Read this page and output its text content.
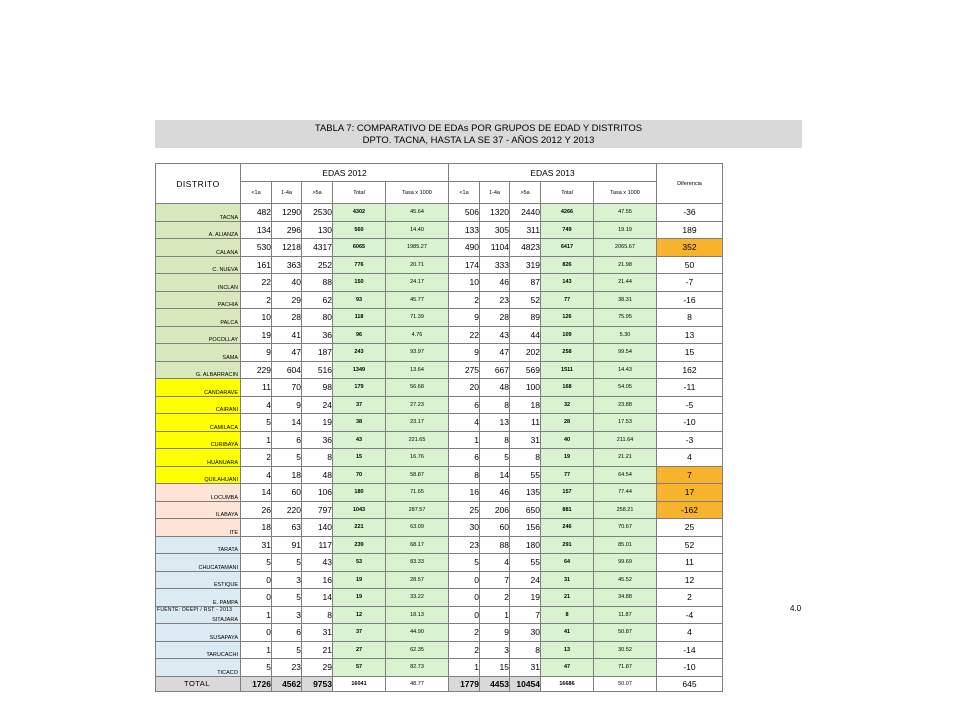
TABLA 7: COMPARATIVO DE EDAs POR GRUPOS DE EDAD Y DISTRITOS
DPTO. TACNA, HASTA LA SE 37 - AÑOS 2012 Y 2013
DISTRITO	EDAS 2012					EDAS 2013					Diferencia
	<1a	1-4a	>5a	Total	Tasa x 1000	<1a	1-4a	>5a	Total	Tasa x 1000	
TACNA	482	1290	2530	4302	45.64	506	1320	2440	4266	47.55	-36
A. ALIANZA	134	296	130	560	14.40	133	305	311	749	19.19	189
CALANA	530	1218	4317	6065	1985.27	490	1104	4823	6417	2065.67	352
C. NUEVA	161	363	252	776	20.71	174	333	319	826	21.98	50
INCLAN	22	40	88	150	24.17	10	46	87	143	21.44	-7
PACHIA	2	29	62	93	45.77	2	23	52	77	38.31	-16
PALCA	10	28	80	118	71.39	9	28	89	126	75.95	8
POCOLLAY	19	41	36	96	4.76	22	43	44	109	5.30	13
SAMA	9	47	187	243	93.97	9	47	202	258	99.54	15
G. ALBARRACIN	229	604	516	1349	13.64	275	667	569	1511	14.43	162
CANDARAVE	11	70	98	179	56.68	20	48	100	168	54.05	-11
CAIRANI	4	9	24	37	27.23	6	8	18	32	23.88	-5
CAMILACA	5	14	19	38	23.17	4	13	11	28	17.53	-10
CURIBAYA	1	6	36	43	221.65	1	8	31	40	211.64	-3
HUANUARA	2	5	8	15	16.76	6	5	8	19	21.21	4
QUILAHUANI	4	18	48	70	58.87	8	14	55	77	64.54	7
LOCUMBA	14	60	106	180	71.65	16	46	135	157	77.44	17
ILABAYA	26	220	797	1043	287.57	25	206	650	881	258.21	-162
ITE	18	63	140	221	63.09	30	60	156	246	70.67	25
TARATA	31	91	117	239	68.17	23	88	180	291	85.01	52
CHUCATAMANI	5	5	43	53	83.33	5	4	55	64	99.69	11
ESTIQUE	0	3	16	19	28.57	0	7	24	31	45.52	12
E. PAMPA	0	5	14	19	33.22	0	2	19	21	34.88	2
SITAJARA	1	3	8	12	18.13	0	1	7	8	11.87	-4
SUSAPAYA	0	6	31	37	44.90	2	9	30	41	50.87	4
TARUCACHI	1	5	21	27	62.35	2	3	8	13	30.52	-14
TICACO	5	23	29	57	82.73	1	15	31	47	71.87	-10
TOTAL	1726	4562	9753	16041	48.77	1779	4453	10454	16686	50.07	645
FUENTE: DEEPI / RST - 2013	4.0
